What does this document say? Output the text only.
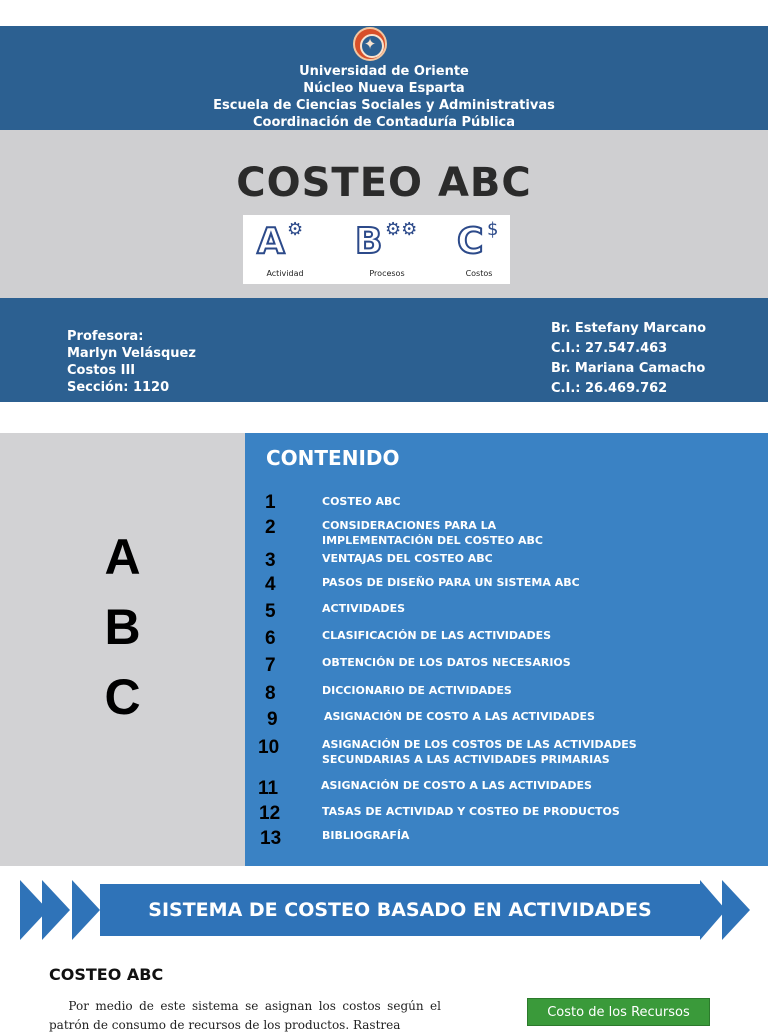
✦
Universidad de Oriente
Núcleo Nueva Esparta
Escuela de Ciencias Sociales y Administrativas
Coordinación de Contaduría Pública
COSTEO ABC
A ⚙
Actividad
B ⚙⚙
Procesos
C $
Costos
Profesora:
Marlyn Velásquez
Costos III
Sección: 1120
Br. Estefany Marcano
C.I.: 27.547.463
Br. Mariana Camacho
C.I.: 26.469.762
A
B
C
CONTENIDO
1	COSTEO ABC
2	CONSIDERACIONES PARA LA IMPLEMENTACIÓN DEL COSTEO ABC
3	VENTAJAS DEL COSTEO ABC
4	PASOS DE DISEÑO PARA UN SISTEMA ABC
5	ACTIVIDADES
6	CLASIFICACIÓN DE LAS ACTIVIDADES
7	OBTENCIÓN DE LOS DATOS NECESARIOS
8	DICCIONARIO DE ACTIVIDADES
9	ASIGNACIÓN DE COSTO A LAS ACTIVIDADES
10	ASIGNACIÓN DE LOS COSTOS DE LAS ACTIVIDADES SECUNDARIAS A LAS ACTIVIDADES PRIMARIAS
11	ASIGNACIÓN DE COSTO A LAS ACTIVIDADES
12	TASAS DE ACTIVIDAD Y COSTEO DE PRODUCTOS
13	BIBLIOGRAFÍA
SISTEMA DE COSTEO BASADO EN ACTIVIDADES
COSTEO ABC
Por medio de este sistema se asignan los costos según el patrón de consumo de recursos de los productos. Rastrea
Costo de los Recursos
